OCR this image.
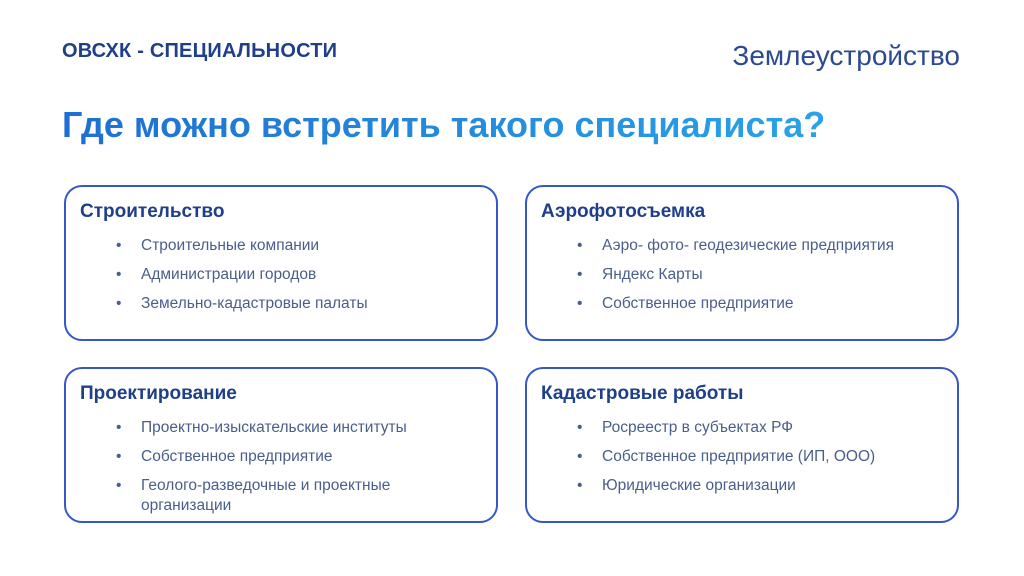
ОВСХК - СПЕЦИАЛЬНОСТИ	Землеустройство
Где можно встретить такого специалиста?
Строительство
• Строительные компании
• Администрации городов
• Земельно-кадастровые палаты
Аэрофотосъемка
• Аэро- фото- геодезические предприятия
• Яндекс Карты
• Собственное предприятие
Проектирование
• Проектно-изыскательские институты
• Собственное предприятие
• Геолого-разведочные и проектные организации
Кадастровые работы
• Росреестр в субъектах РФ
• Собственное предприятие (ИП, ООО)
• Юридические организации
